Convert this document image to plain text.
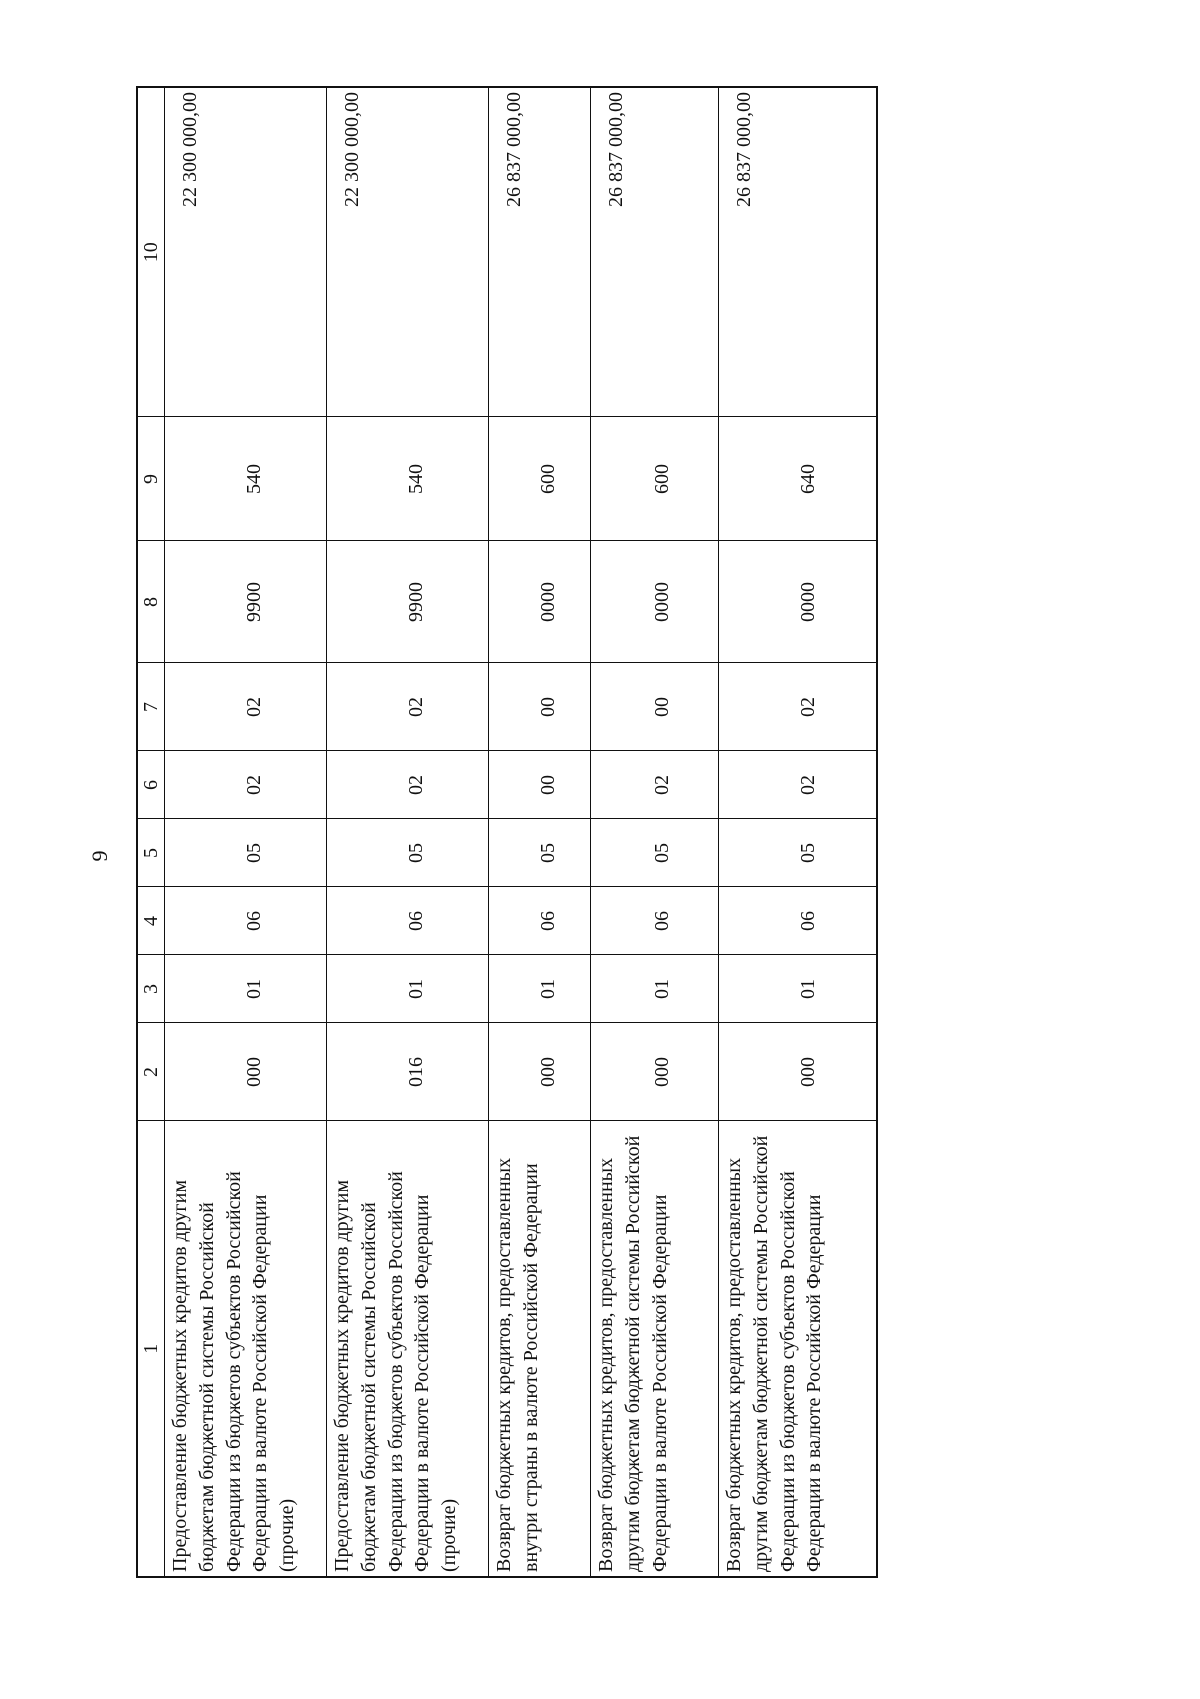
9
1	2	3	4	5	6	7	8	9	10
Предоставление бюджетных кредитов другим бюджетам бюджетной системы Российской Федерации из бюджетов субъектов Российской Федерации в валюте Российской Федерации (прочие)	000	01	06	05	02	02	9900	540	22 300 000,00
Предоставление бюджетных кредитов другим бюджетам бюджетной системы Российской Федерации из бюджетов субъектов Российской Федерации в валюте Российской Федерации (прочие)	016	01	06	05	02	02	9900	540	22 300 000,00
Возврат бюджетных кредитов, предоставленных внутри страны в валюте Российской Федерации	000	01	06	05	00	00	0000	600	26 837 000,00
Возврат бюджетных кредитов, предоставленных другим бюджетам бюджетной системы Российской Федерации в валюте Российской Федерации	000	01	06	05	02	00	0000	600	26 837 000,00
Возврат бюджетных кредитов, предоставленных другим бюджетам бюджетной системы Российской Федерации из бюджетов субъектов Российской Федерации в валюте Российской Федерации	000	01	06	05	02	02	0000	640	26 837 000,00
